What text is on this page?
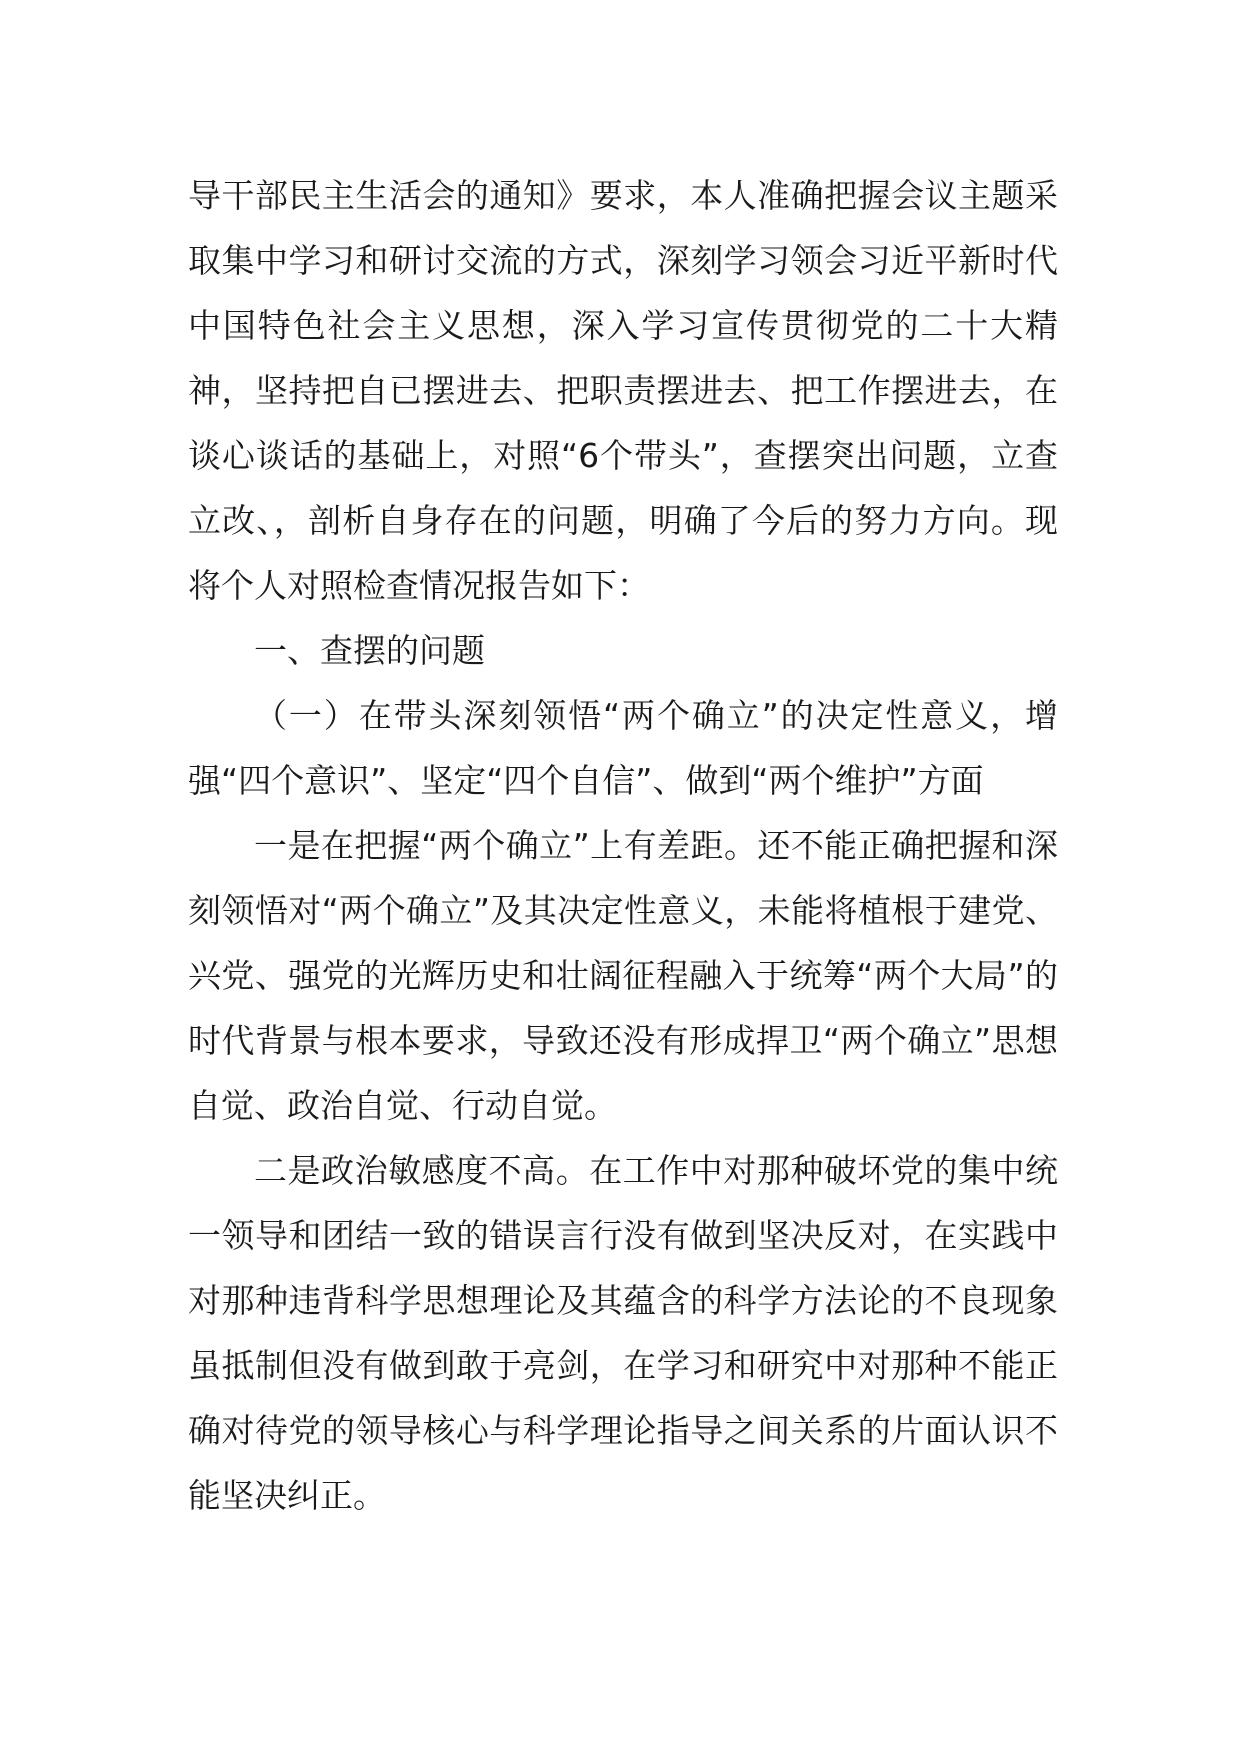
导干部民主生活会的通知》要求，本人准确把握会议主题采取集中学习和研讨交流的方式，深刻学习领会习近平新时代中国特色社会主义思想，深入学习宣传贯彻党的二十大精神，坚持把自已摆进去、把职责摆进去、把工作摆进去，在谈心谈话的基础上，对照“6个带头”，查摆突出问题，立查立改、，剖析自身存在的问题，明确了今后的努力方向。现将个人对照检查情况报告如下：

一、查摆的问题

（一）在带头深刻领悟“两个确立”的决定性意义，增强“四个意识”、坚定“四个自信”、做到“两个维护”方面

一是在把握“两个确立”上有差距。还不能正确把握和深刻领悟对“两个确立”及其决定性意义，未能将植根于建党、兴党、强党的光辉历史和壮阔征程融入于统筹“两个大局”的时代背景与根本要求，导致还没有形成捍卫“两个确立”思想自觉、政治自觉、行动自觉。

二是政治敏感度不高。在工作中对那种破坏党的集中统一领导和团结一致的错误言行没有做到坚决反对，在实践中对那种违背科学思想理论及其蕴含的科学方法论的不良现象虽抵制但没有做到敢于亮剑，在学习和研究中对那种不能正确对待党的领导核心与科学理论指导之间关系的片面认识不能坚决纠正。
